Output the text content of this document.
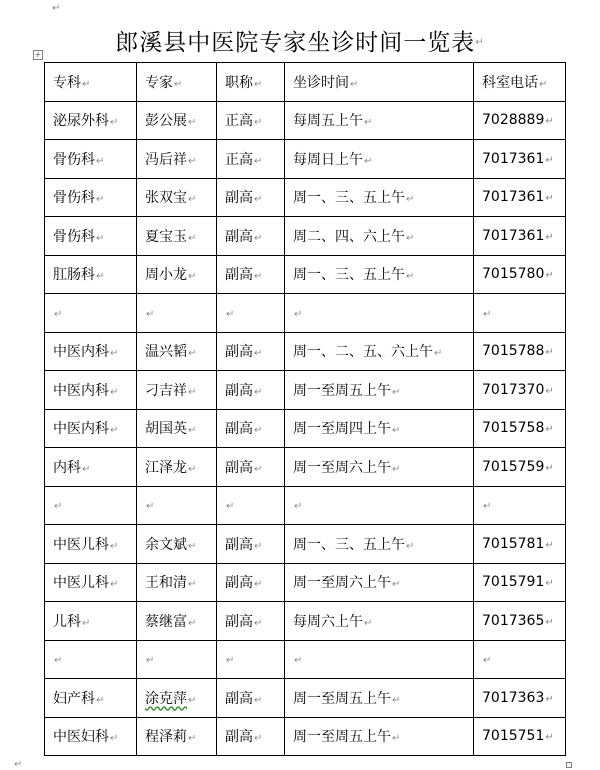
↵
+	郎溪县中医院专家坐诊时间一览表↵
专科↵	专家↵	职称↵	坐诊时间↵	科室电话↵	
泌尿外科↵	彭公展↵	正高↵	每周五上午↵	7028889↵	
骨伤科↵	冯后祥↵	正高↵	每周日上午↵	7017361↵	
骨伤科↵	张双宝↵	副高↵	周一、三、五上午↵	7017361↵	
骨伤科↵	夏宝玉↵	副高↵	周二、四、六上午↵	7017361↵	
肛肠科↵	周小龙↵	副高↵	周一、三、五上午↵	7015780↵	
↵	↵	↵	↵	↵	
中医内科↵	温兴韬↵	副高↵	周一、二、五、六上午↵	7015788↵	
中医内科↵	刁吉祥↵	副高↵	周一至周五上午↵	7017370↵	
中医内科↵	胡国英↵	副高↵	周一至周四上午↵	7015758↵	
内科↵	江泽龙↵	副高↵	周一至周六上午↵	7015759↵	
↵	↵	↵	↵	↵	
中医儿科↵	余文斌↵	副高↵	周一、三、五上午↵	7015781↵	
中医儿科↵	王和清↵	副高↵	周一至周六上午↵	7015791↵	
儿科↵	蔡继富↵	副高↵	每周六上午↵	7017365↵	
↵	↵	↵	↵	↵	
妇产科↵	涂克萍↵	副高↵	周一至周五上午↵	7017363↵	
中医妇科↵	程泽莉↵	副高↵	周一至周五上午↵	7015751↵	
↵
